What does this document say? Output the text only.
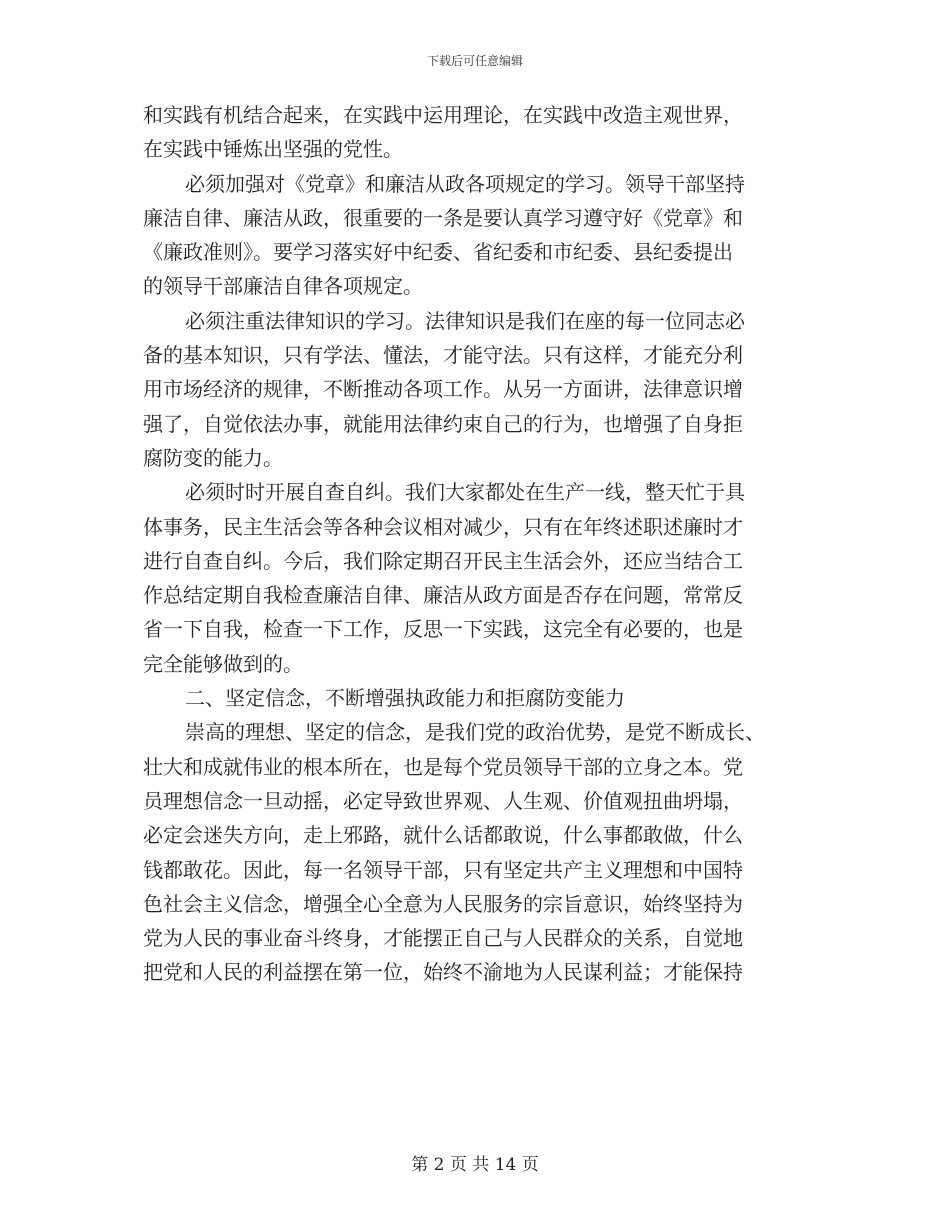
下载后可任意编辑
和实践有机结合起来，在实践中运用理论，在实践中改造主观世界，
在实践中锤炼出坚强的党性。
必须加强对《党章》和廉洁从政各项规定的学习。领导干部坚持
廉洁自律、廉洁从政，很重要的一条是要认真学习遵守好《党章》和
《廉政准则》。要学习落实好中纪委、省纪委和市纪委、县纪委提出
的领导干部廉洁自律各项规定。
必须注重法律知识的学习。法律知识是我们在座的每一位同志必
备的基本知识，只有学法、懂法，才能守法。只有这样，才能充分利
用市场经济的规律，不断推动各项工作。从另一方面讲，法律意识增
强了，自觉依法办事，就能用法律约束自己的行为，也增强了自身拒
腐防变的能力。
必须时时开展自查自纠。我们大家都处在生产一线，整天忙于具
体事务，民主生活会等各种会议相对减少，只有在年终述职述廉时才
进行自查自纠。今后，我们除定期召开民主生活会外，还应当结合工
作总结定期自我检查廉洁自律、廉洁从政方面是否存在问题，常常反
省一下自我，检查一下工作，反思一下实践，这完全有必要的，也是
完全能够做到的。
二、坚定信念，不断增强执政能力和拒腐防变能力
崇高的理想、坚定的信念，是我们党的政治优势，是党不断成长、
壮大和成就伟业的根本所在，也是每个党员领导干部的立身之本。党
员理想信念一旦动摇，必定导致世界观、人生观、价值观扭曲坍塌，
必定会迷失方向，走上邪路，就什么话都敢说，什么事都敢做，什么
钱都敢花。因此，每一名领导干部，只有坚定共产主义理想和中国特
色社会主义信念，增强全心全意为人民服务的宗旨意识，始终坚持为
党为人民的事业奋斗终身，才能摆正自己与人民群众的关系，自觉地
把党和人民的利益摆在第一位，始终不渝地为人民谋利益；才能保持
第 2 页 共 14 页
